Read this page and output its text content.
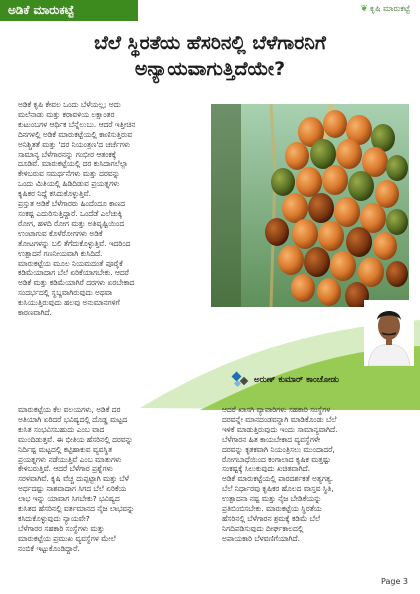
ಅಡಿಕೆ ಮಾರುಕಟ್ಟೆ	❦ ಕೃಷಿ ಮಾರುಕಟ್ಟೆ
ಬೆಲೆ ಸ್ಥಿರತೆಯ ಹೆಸರಿನಲ್ಲಿ ಬೆಳೆಗಾರನಿಗೆ
ಅನ್ಯಾಯವಾಗುತ್ತಿದೆಯೇ?
ಅಡಿಕೆ ಕೃಷಿ ಕೇವಲ ಒಂದು ಬೆಳೆಯಲ್ಲ; ಅದು
ಮಲೆನಾಡು ಮತ್ತು ಕರಾವಳಿಯ ಲಕ್ಷಾಂತರ
ಕುಟುಂಬಗಳ ಆರ್ಥಿಕ ಬೆನ್ನೆಲುಬು. ಆದರೆ ಇತ್ತೀಚಿನ
ದಿನಗಳಲ್ಲಿ ಅಡಿಕೆ ಮಾರುಕಟ್ಟೆಯಲ್ಲಿ ಕಾಣಿಸುತ್ತಿರುವ
ಅನಿಶ್ಚಿತತೆ ಮತ್ತು 'ದರ ನಿಯಂತ್ರಣ'ದ ಚರ್ಚೆಗಳು
ಸಾಮಾನ್ಯ ಬೆಳೆಗಾರನನ್ನು ಗಂಭೀರ ಆತಂಕಕ್ಕೆ
ದೂಡಿವೆ. ಮಾರುಕಟ್ಟೆಯಲ್ಲಿ ದರ ಕುಸಿದಾಗಲೆಲ್ಲಾ
ಕೇಳಿಬರುವ ಸಮರ್ಥನೆಗಳು ಮತ್ತು ದರವನ್ನು
ಒಂದು ಮಿತಿಯಲ್ಲಿ ಹಿಡಿದಿಡುವ ಪ್ರಯತ್ನಗಳು
ಕೃಷಿಕರ ನಿದ್ದೆ ಕಸಿದುಕೊಳ್ಳುತ್ತಿವೆ.
ಪ್ರಸ್ತುತ ಅಡಿಕೆ ಬೆಳೆಗಾರರು ಹಿಂದೆಂದೂ ಕಾಣದ
ಸಂಕಷ್ಟ ಎದುರಿಸುತ್ತಿದ್ದಾರೆ. ಒಂದೆಡೆ ಎಲೆಚುಕ್ಕಿ
ರೋಗ, ಹಳದಿ ರೋಗ ಮತ್ತು ಅತಿವೃಷ್ಟಿಯಿಂದ
ಉಂಟಾಗುವ ಕೊಳೆರೋಗಗಳು ಅಡಿಕೆ
ತೋಟಗಳನ್ನು ಬಲಿ ತೆಗೆದುಕೊಳ್ಳುತ್ತಿವೆ. ಇದರಿಂದ
ಉತ್ಪಾದನೆ ಗಣನೀಯವಾಗಿ ಕುಸಿದಿದೆ.
ಮಾರುಕಟ್ಟೆಯ ಮೂಲ ನಿಯಮದಂತೆ ಪೂರೈಕೆ
ಕಡಿಮೆಯಾದಾಗ ಬೆಲೆ ಏರಿಕೆಯಾಗಬೇಕು. ಆದರೆ
ಅಡಿಕೆ ಮತ್ತು ಕಡಿಮೆಯಾಗಿರೆ ದರಗಳು ಏರಬೇಕಾದ
ಸಂದರ್ಭದಲ್ಲಿ ಸ್ಥಬ್ದವಾಗಿರುವುದು ಅಥವಾ
ಕುಸಿಯುತ್ತಿರುವುದು ಹಲವು ಅನುಮಾನಗಳಿಗೆ
ಕಾರಣವಾಗಿದೆ.
ಅರುಣ್ ಕುಮಾರ್ ಕಾಂಚೋಡು
ಮಾರುಕಟ್ಟೆಯ ಕೆಲ ವಲಯಗಳು, ಅಡಿಕೆ ದರ
ಅತಿಯಾಗಿ ಏರಿದರೆ ಭವಿಷ್ಯದಲ್ಲಿ ದೊಡ್ಡ ಮಟ್ಟದ
ಕುಸಿತ ಸಂಭವಿಸಬಹುದು ಎಂಬ ವಾದ
ಮುಂದಿಡುತ್ತವೆ. ಈ ಭೀತಿಯ ಹೆಸರಿನಲ್ಲಿ ದರವನ್ನು
ನಿರ್ದಿಷ್ಟ ಮಟ್ಟದಲ್ಲಿ ಕಟ್ಟಿಹಾಕುವ ವ್ಯವಸ್ಥಿತ
ಪ್ರಯತ್ನಗಳು ನಡೆಯುತ್ತಿವೆ ಎಂಬ ಮಾತುಗಳು
ಕೇಳಿಬರುತ್ತಿವೆ. ಆದರೆ ಬೆಳೆಗಾರ ಪ್ರಶ್ನೆಗಳು
ಸರಳವಾಗಿವೆ. ಕೃಷಿ ವೆಚ್ಚ ದುಪ್ಪಟ್ಟಾಗಿ ಮತ್ತು ಬೆಳೆ
ಅರ್ಧದಷ್ಟು ನಾಶವಾದಾಗ ಸಿಗದ ಬೆಲೆ ಏರಿಕೆಯ
ಲಾಭ ಇನ್ನು ಯಾವಾಗ ಸಿಗಬೇಕು? ಭವಿಷ್ಯದ
ಕುಸಿತದ ಹೆಸರಿನಲ್ಲಿ ವರ್ತಮಾನದ ನೈಜ ಲಾಭವನ್ನು
ಕಸಿದುಕೊಳ್ಳುವುದು ನ್ಯಾಯವೇ?
ಬೆಳೆಗಾರರ ಸಹಕಾರಿ ಸಂಸ್ಥೆಗಳು ಮತ್ತು
ಮಾರುಕಟ್ಟೆಯ ಪ್ರಮುಖ ವ್ಯವಸ್ಥೆಗಳ ಮೇಲೆ
ನಂಬಿಕೆ ಇಟ್ಟುಕೊಂಡಿದ್ದಾರೆ.
ಆದರೆ ಖಾಸಗಿ ವ್ಯಾಪಾರಿಗಳು ಸಹಕಾರಿ ಸಂಸ್ಥೆಗಳ
ದರವನ್ನೇ ಮಾನದಂಡವನ್ನಾಗಿ ಮಾಡಿಕೊಂಡು ಬೆಲೆ
ಇಳಿಕೆ ಮಾಡುತ್ತಿರುವುದು ಇಂದು ಸಾಮಾನ್ಯವಾಗಿದೆ.
ಬೆಳೆಗಾರನ ಹಿತ ಕಾಯಬೇಕಾದ ವ್ಯವಸ್ಥೆಗಳೇ
ದರವನ್ನು ಕೃತಕವಾಗಿ ನಿಯಂತ್ರಿಸಲು ಮುಂದಾದರೆ,
ರೋಗಬಾಧೆಯಿಂದ ಕಂಗಾಲಾದ ಕೃಷಿಕ ಮತ್ತಷ್ಟು
ಸಂಕಷ್ಟಕ್ಕೆ ಸಿಲುಕುವುದು ಖಚಿತವಾಗಿದೆ.
ಅಡಿಕೆ ಮಾರುಕಟ್ಟೆಯಲ್ಲಿ ಪಾರದರ್ಶಕತೆ ಅತ್ಯಗತ್ಯ.
ಬೆಲೆ ನಿರ್ಧಾರವು ಕೃಷಿಕರ ಹೊಲದ ವಾಸ್ತವ ಸ್ಥಿತಿ,
ಉತ್ಪಾದನಾ ನಷ್ಟ ಮತ್ತು ನೈಜ ಬೇಡಿಕೆಯನ್ನು
ಪ್ರತಿಬಿಂಬಿಸಬೇಕು. ಮಾರುಕಟ್ಟೆಯ ಸ್ಥಿರತೆಯ
ಹೆಸರಿನಲ್ಲಿ ಬೆಳೆಗಾರನ ಶ್ರಮಕ್ಕೆ ಕಡಿಮೆ ಬೆಲೆ
ನಿಗದಿಪಡಿಸುವುದು ದೀರ್ಘಕಾಲದಲ್ಲಿ
ಅಪಾಯಕಾರಿ ಬೆಳವಣಿಗೆಯಾಗಿದೆ.
Page 3
